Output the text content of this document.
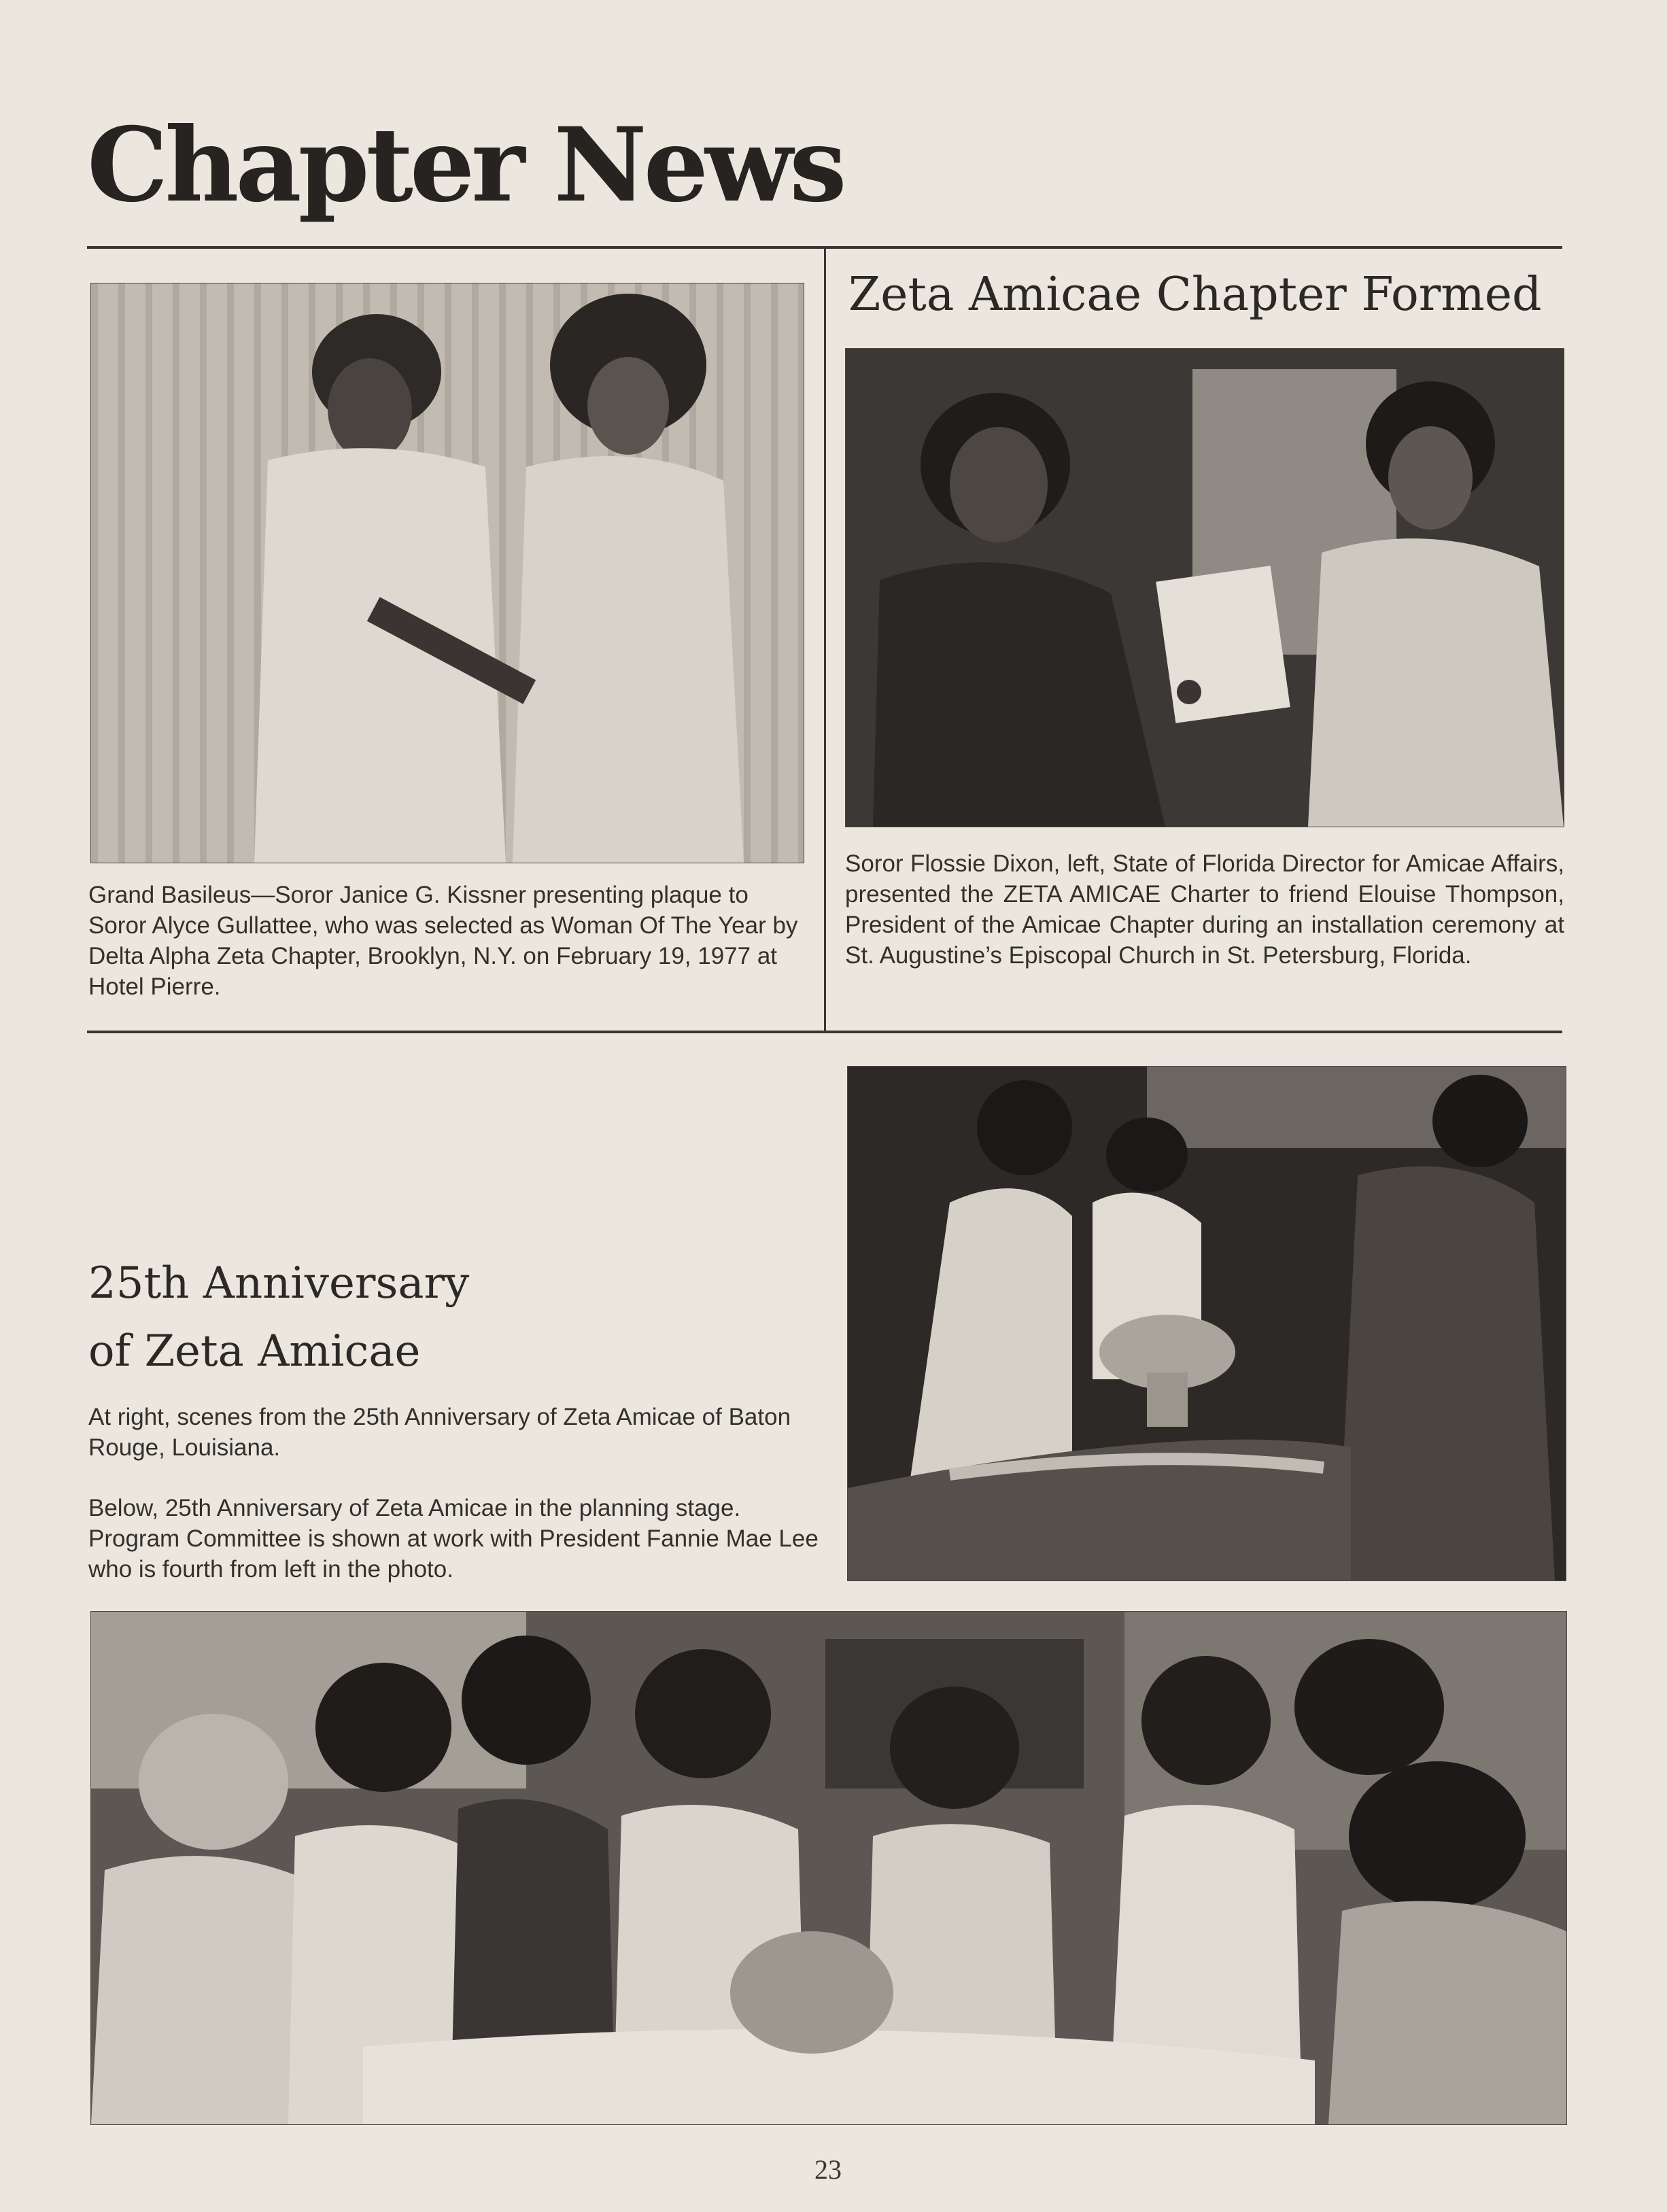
Chapter News
Grand Basileus—Soror Janice G. Kissner presenting plaque to Soror Alyce Gullattee, who was selected as Woman Of The Year by Delta Alpha Zeta Chapter, Brooklyn, N.Y. on February 19, 1977 at Hotel Pierre.
Zeta Amicae Chapter Formed
Soror Flossie Dixon, left, State of Florida Director for Amicae Affairs, presented the ZETA AMICAE Charter to friend Elouise Thompson, President of the Amicae Chapter during an installation ceremony at St. Augustine’s Episcopal Church in St. Petersburg, Florida.
25th Anniversary
of Zeta Amicae
At right, scenes from the 25th Anniversary of Zeta Amicae of Baton Rouge, Louisiana.
Below, 25th Anniversary of Zeta Amicae in the planning stage. Program Committee is shown at work with President Fannie Mae Lee who is fourth from left in the photo.
23
